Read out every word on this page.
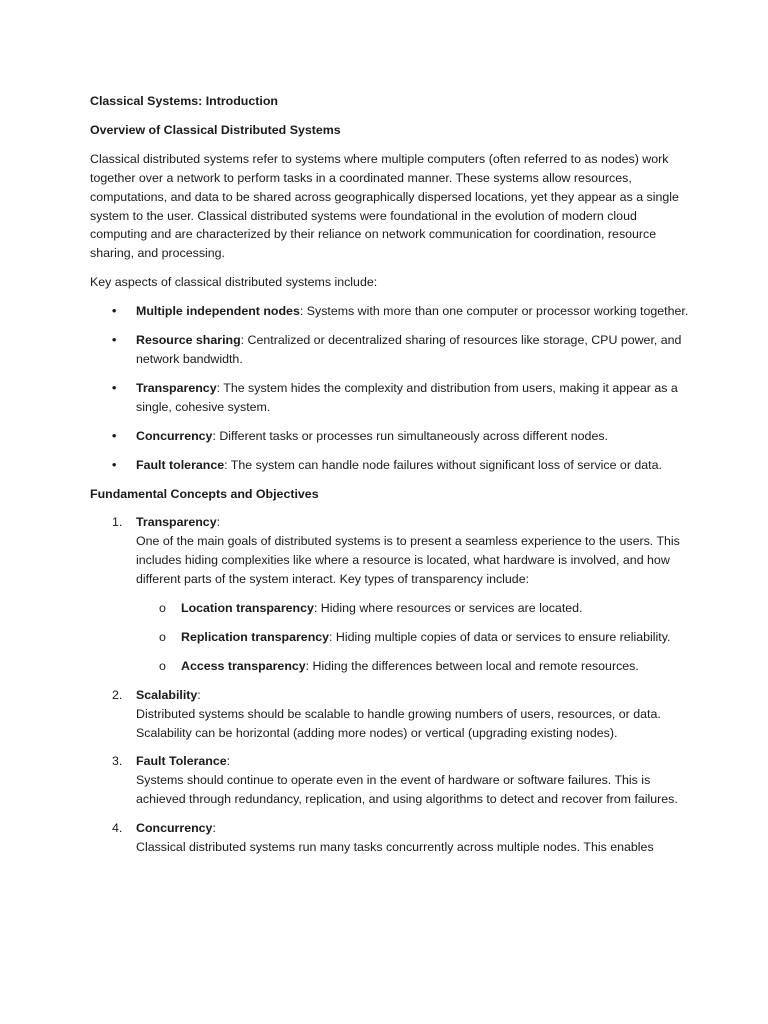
Classical Systems: Introduction

Overview of Classical Distributed Systems

Classical distributed systems refer to systems where multiple computers (often referred to as nodes) work together over a network to perform tasks in a coordinated manner. These systems allow resources, computations, and data to be shared across geographically dispersed locations, yet they appear as a single system to the user. Classical distributed systems were foundational in the evolution of modern cloud computing and are characterized by their reliance on network communication for coordination, resource sharing, and processing.

Key aspects of classical distributed systems include:

• Multiple independent nodes: Systems with more than one computer or processor working together.
• Resource sharing: Centralized or decentralized sharing of resources like storage, CPU power, and network bandwidth.
• Transparency: The system hides the complexity and distribution from users, making it appear as a single, cohesive system.
• Concurrency: Different tasks or processes run simultaneously across different nodes.
• Fault tolerance: The system can handle node failures without significant loss of service or data.

Fundamental Concepts and Objectives

1. Transparency:
One of the main goals of distributed systems is to present a seamless experience to the users. This includes hiding complexities like where a resource is located, what hardware is involved, and how different parts of the system interact. Key types of transparency include:
o Location transparency: Hiding where resources or services are located.
o Replication transparency: Hiding multiple copies of data or services to ensure reliability.
o Access transparency: Hiding the differences between local and remote resources.
2. Scalability:
Distributed systems should be scalable to handle growing numbers of users, resources, or data. Scalability can be horizontal (adding more nodes) or vertical (upgrading existing nodes).
3. Fault Tolerance:
Systems should continue to operate even in the event of hardware or software failures. This is achieved through redundancy, replication, and using algorithms to detect and recover from failures.
4. Concurrency:
Classical distributed systems run many tasks concurrently across multiple nodes. This enables
